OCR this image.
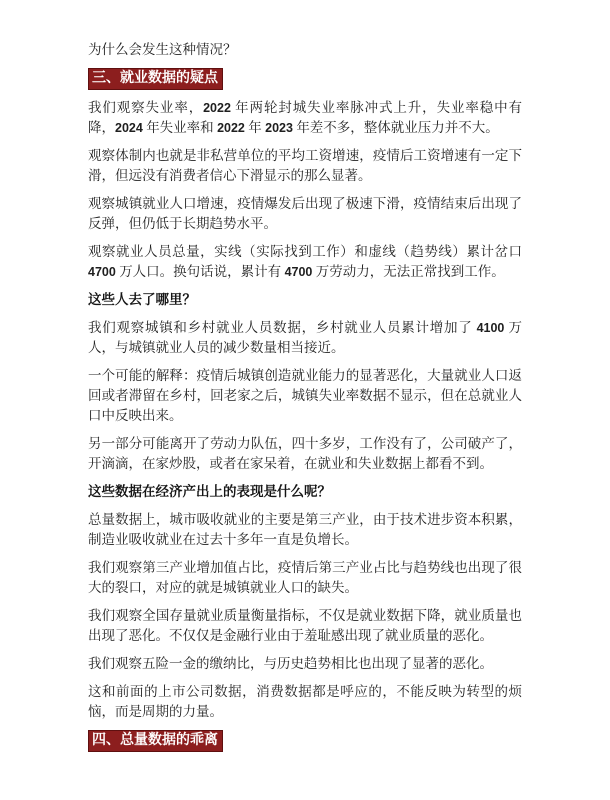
为什么会发生这种情况？

三、就业数据的疑点

我们观察失业率，2022 年两轮封城失业率脉冲式上升，失业率稳中有降，2024 年失业率和 2022 年 2023 年差不多，整体就业压力并不大。

观察体制内也就是非私营单位的平均工资增速，疫情后工资增速有一定下滑，但远没有消费者信心下滑显示的那么显著。

观察城镇就业人口增速，疫情爆发后出现了极速下滑，疫情结束后出现了反弹，但仍低于长期趋势水平。

观察就业人员总量，实线（实际找到工作）和虚线（趋势线）累计岔口 4700 万人口。换句话说，累计有 4700 万劳动力，无法正常找到工作。

这些人去了哪里？

我们观察城镇和乡村就业人员数据，乡村就业人员累计增加了 4100 万人，与城镇就业人员的减少数量相当接近。

一个可能的解释：疫情后城镇创造就业能力的显著恶化，大量就业人口返回或者滞留在乡村，回老家之后，城镇失业率数据不显示，但在总就业人口中反映出来。

另一部分可能离开了劳动力队伍，四十多岁，工作没有了，公司破产了，开滴滴，在家炒股，或者在家呆着，在就业和失业数据上都看不到。

这些数据在经济产出上的表现是什么呢？

总量数据上，城市吸收就业的主要是第三产业，由于技术进步资本积累，制造业吸收就业在过去十多年一直是负增长。

我们观察第三产业增加值占比，疫情后第三产业占比与趋势线也出现了很大的裂口，对应的就是城镇就业人口的缺失。

我们观察全国存量就业质量衡量指标，不仅是就业数据下降，就业质量也出现了恶化。不仅仅是金融行业由于羞耻感出现了就业质量的恶化。

我们观察五险一金的缴纳比，与历史趋势相比也出现了显著的恶化。

这和前面的上市公司数据，消费数据都是呼应的，不能反映为转型的烦恼，而是周期的力量。

四、总量数据的乖离
